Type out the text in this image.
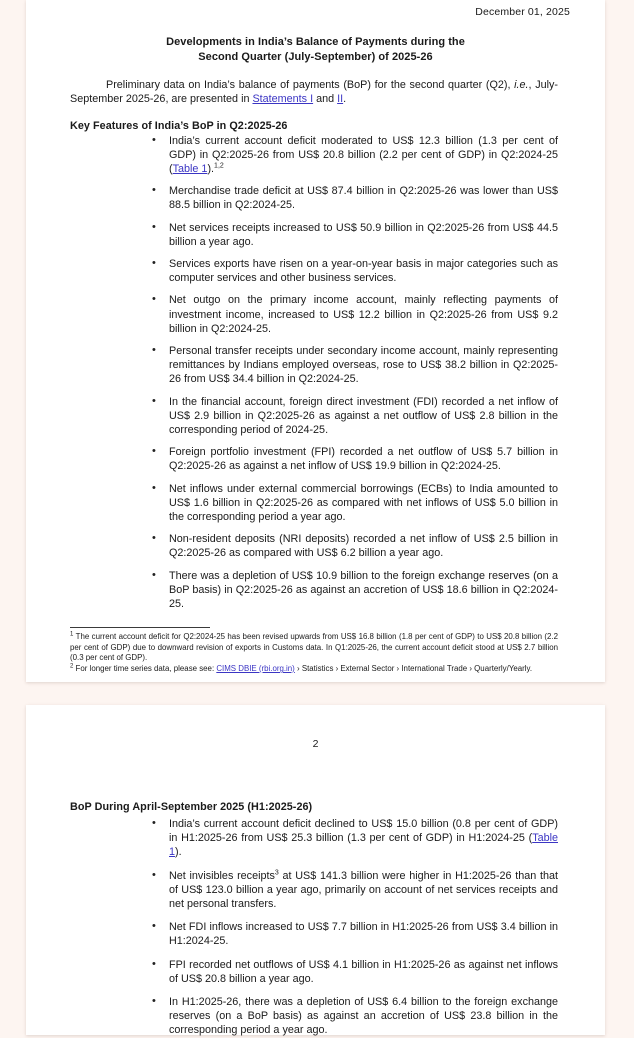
December 01, 2025
Developments in India’s Balance of Payments during the
Second Quarter (July-September) of 2025-26

Preliminary data on India’s balance of payments (BoP) for the second quarter (Q2), i.e., July-September 2025-26, are presented in Statements I and II.

Key Features of India’s BoP in Q2:2025-26
• India’s current account deficit moderated to US$ 12.3 billion (1.3 per cent of GDP) in Q2:2025-26 from US$ 20.8 billion (2.2 per cent of GDP) in Q2:2024-25 (Table 1).$^{1,2}$
• Merchandise trade deficit at US$ 87.4 billion in Q2:2025-26 was lower than US$ 88.5 billion in Q2:2024-25.
• Net services receipts increased to US$ 50.9 billion in Q2:2025-26 from US$ 44.5 billion a year ago.
• Services exports have risen on a year-on-year basis in major categories such as computer services and other business services.
• Net outgo on the primary income account, mainly reflecting payments of investment income, increased to US$ 12.2 billion in Q2:2025-26 from US$ 9.2 billion in Q2:2024-25.
• Personal transfer receipts under secondary income account, mainly representing remittances by Indians employed overseas, rose to US$ 38.2 billion in Q2:2025-26 from US$ 34.4 billion in Q2:2024-25.
• In the financial account, foreign direct investment (FDI) recorded a net inflow of US$ 2.9 billion in Q2:2025-26 as against a net outflow of US$ 2.8 billion in the corresponding period of 2024-25.
• Foreign portfolio investment (FPI) recorded a net outflow of US$ 5.7 billion in Q2:2025-26 as against a net inflow of US$ 19.9 billion in Q2:2024-25.
• Net inflows under external commercial borrowings (ECBs) to India amounted to US$ 1.6 billion in Q2:2025-26 as compared with net inflows of US$ 5.0 billion in the corresponding period a year ago.
• Non-resident deposits (NRI deposits) recorded a net inflow of US$ 2.5 billion in Q2:2025-26 as compared with US$ 6.2 billion a year ago.
• There was a depletion of US$ 10.9 billion to the foreign exchange reserves (on a BoP basis) in Q2:2025-26 as against an accretion of US$ 18.6 billion in Q2:2024-25.

$^1$ The current account deficit for Q2:2024-25 has been revised upwards from US$ 16.8 billion (1.8 per cent of GDP) to US$ 20.8 billion (2.2 per cent of GDP) due to downward revision of exports in Customs data. In Q1:2025-26, the current account deficit stood at US$ 2.7 billion (0.3 per cent of GDP).

$^2$ For longer time series data, please see: CIMS DBIE (rbi.org.in) › Statistics › External Sector › International Trade › Quarterly/Yearly.

2
BoP During April-September 2025 (H1:2025-26)
• India’s current account deficit declined to US$ 15.0 billion (0.8 per cent of GDP) in H1:2025-26 from US$ 25.3 billion (1.3 per cent of GDP) in H1:2024-25 (Table 1).
• Net invisibles receipts$^3$ at US$ 141.3 billion were higher in H1:2025-26 than that of US$ 123.0 billion a year ago, primarily on account of net services receipts and net personal transfers.
• Net FDI inflows increased to US$ 7.7 billion in H1:2025-26 from US$ 3.4 billion in H1:2024-25.
• FPI recorded net outflows of US$ 4.1 billion in H1:2025-26 as against net inflows of US$ 20.8 billion a year ago.
• In H1:2025-26, there was a depletion of US$ 6.4 billion to the foreign exchange reserves (on a BoP basis) as against an accretion of US$ 23.8 billion in the corresponding period a year ago.
